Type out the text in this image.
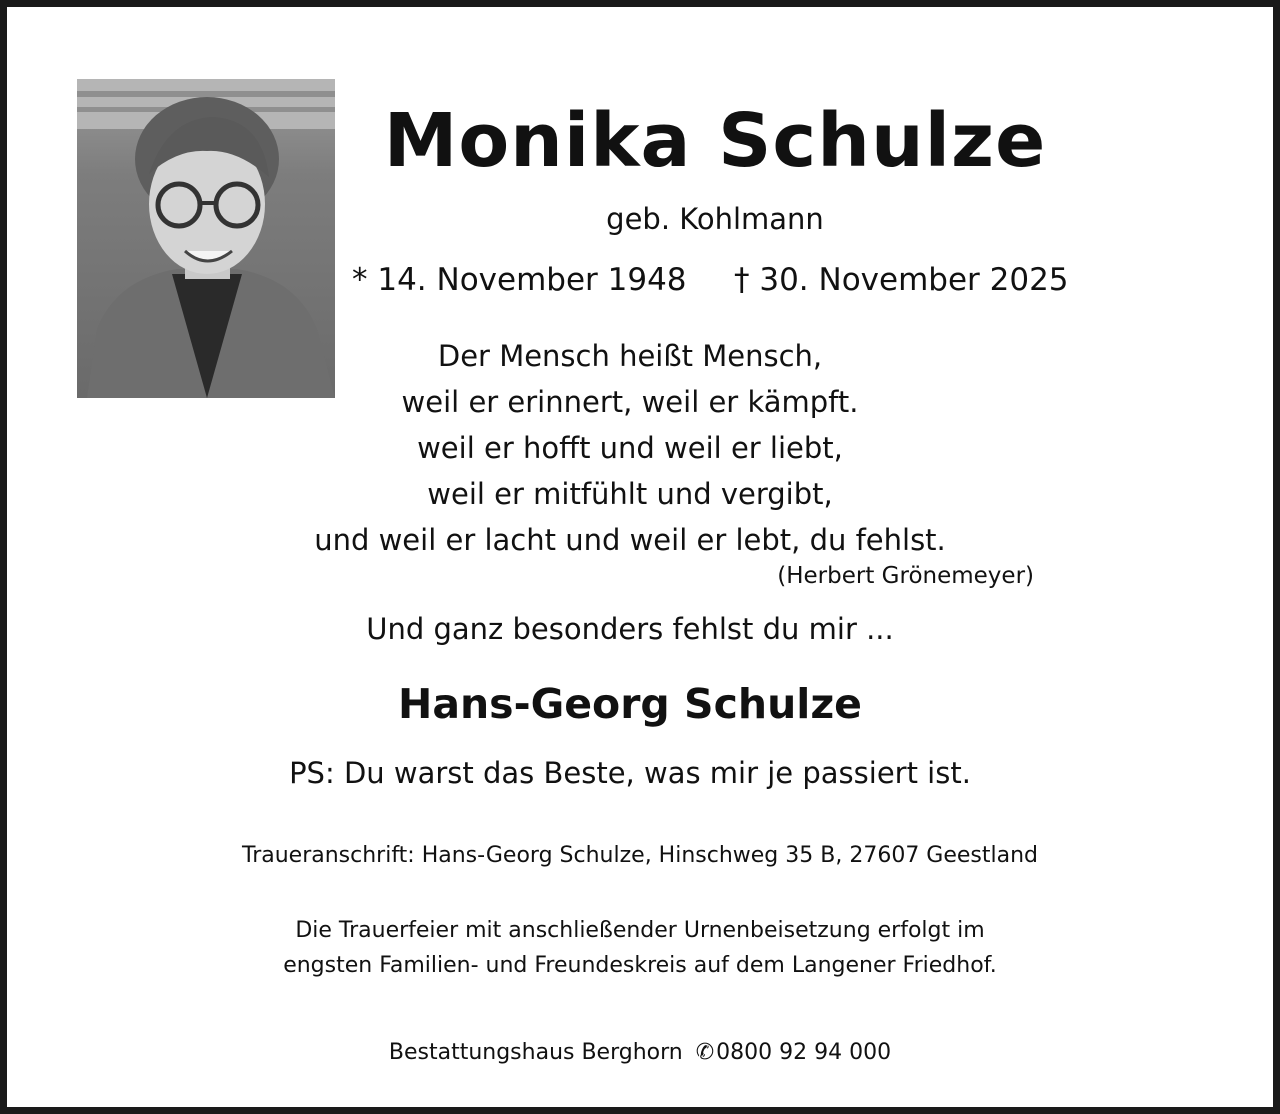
Monika Schulze
geb. Kohlmann
* 14. November 1948 † 30. November 2025
Der Mensch heißt Mensch,
weil er erinnert, weil er kämpft.
weil er hofft und weil er liebt,
weil er mitfühlt und vergibt,
und weil er lacht und weil er lebt, du fehlst.
(Herbert Grönemeyer)
Und ganz besonders fehlst du mir ...
Hans-Georg Schulze
PS: Du warst das Beste, was mir je passiert ist.
Traueranschrift: Hans-Georg Schulze, Hinschweg 35 B, 27607 Geestland
Die Trauerfeier mit anschließender Urnenbeisetzung erfolgt im
engsten Familien- und Freundeskreis auf dem Langener Friedhof.
Bestattungshaus Berghorn ✆0800 92 94 000
